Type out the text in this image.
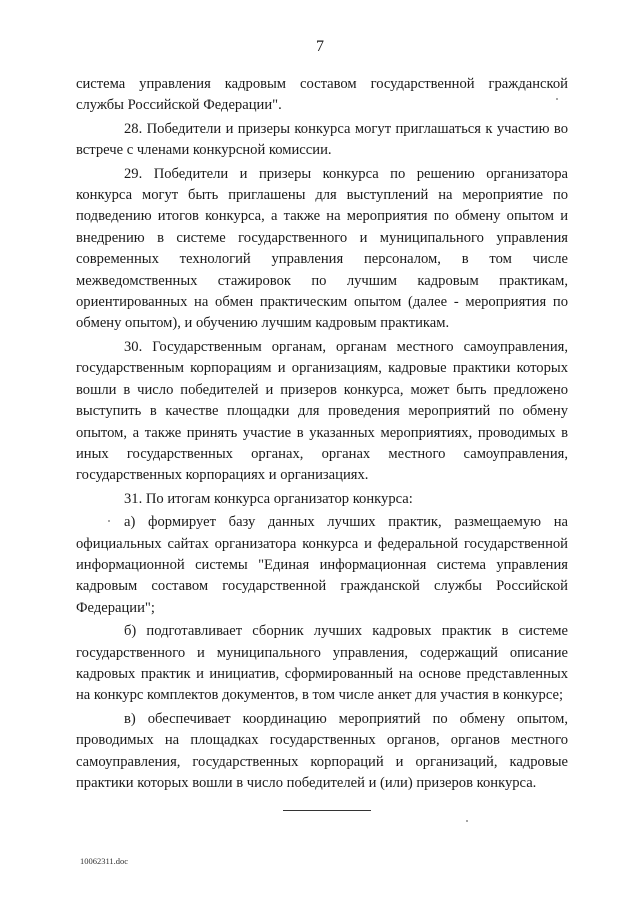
7

система управления кадровым составом государственной гражданской службы Российской Федерации".

28. Победители и призеры конкурса могут приглашаться к участию во встрече с членами конкурсной комиссии.

29. Победители и призеры конкурса по решению организатора конкурса могут быть приглашены для выступлений на мероприятие по подведению итогов конкурса, а также на мероприятия по обмену опытом и внедрению в системе государственного и муниципального управления современных технологий управления персоналом, в том числе межведомственных стажировок по лучшим кадровым практикам, ориентированных на обмен практическим опытом (далее - мероприятия по обмену опытом), и обучению лучшим кадровым практикам.

30. Государственным органам, органам местного самоуправления, государственным корпорациям и организациям, кадровые практики которых вошли в число победителей и призеров конкурса, может быть предложено выступить в качестве площадки для проведения мероприятий по обмену опытом, а также принять участие в указанных мероприятиях, проводимых в иных государственных органах, органах местного самоуправления, государственных корпорациях и организациях.

31. По итогам конкурса организатор конкурса:

а) формирует базу данных лучших практик, размещаемую на официальных сайтах организатора конкурса и федеральной государственной информационной системы "Единая информационная система управления кадровым составом государственной гражданской службы Российской Федерации";

б) подготавливает сборник лучших кадровых практик в системе государственного и муниципального управления, содержащий описание кадровых практик и инициатив, сформированный на основе представленных на конкурс комплектов документов, в том числе анкет для участия в конкурсе;

в) обеспечивает координацию мероприятий по обмену опытом, проводимых на площадках государственных органов, органов местного самоуправления, государственных корпораций и организаций, кадровые практики которых вошли в число победителей и (или) призеров конкурса.

10062311.doc
